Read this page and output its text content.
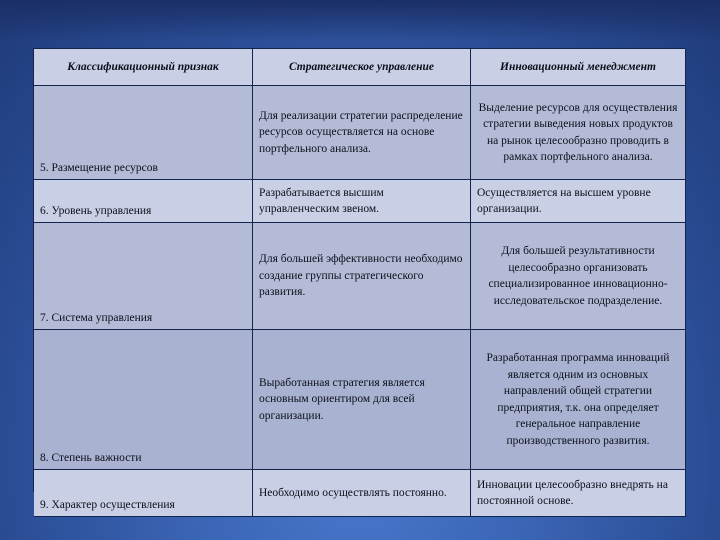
Классификационный признак	Стратегическое управление	Инновационный менеджмент
5. Размещение ресурсов
Для реализации стратегии распределение ресурсов осуществляется на основе портфельного анализа.
Выделение ресурсов для осуществления стратегии выведения новых продуктов на рынок целесообразно проводить в рамках портфельного анализа.
6. Уровень управления
Разрабатывается высшим управленческим звеном.
Осуществляется на высшем уровне организации.
7. Система управления
Для большей эффективности необходимо создание группы стратегического развития.
Для большей результативности целесообразно организовать специализированное инновационно-исследовательское подразделение.
8. Степень важности
Выработанная стратегия является основным ориентиром для всей организации.
Разработанная программа инноваций является одним из основных направлений общей стратегии предприятия, т.к. она определяет генеральное направление производственного развития.
9. Характер осуществления
Необходимо осуществлять постоянно.
Инновации целесообразно внедрять на постоянной основе.
